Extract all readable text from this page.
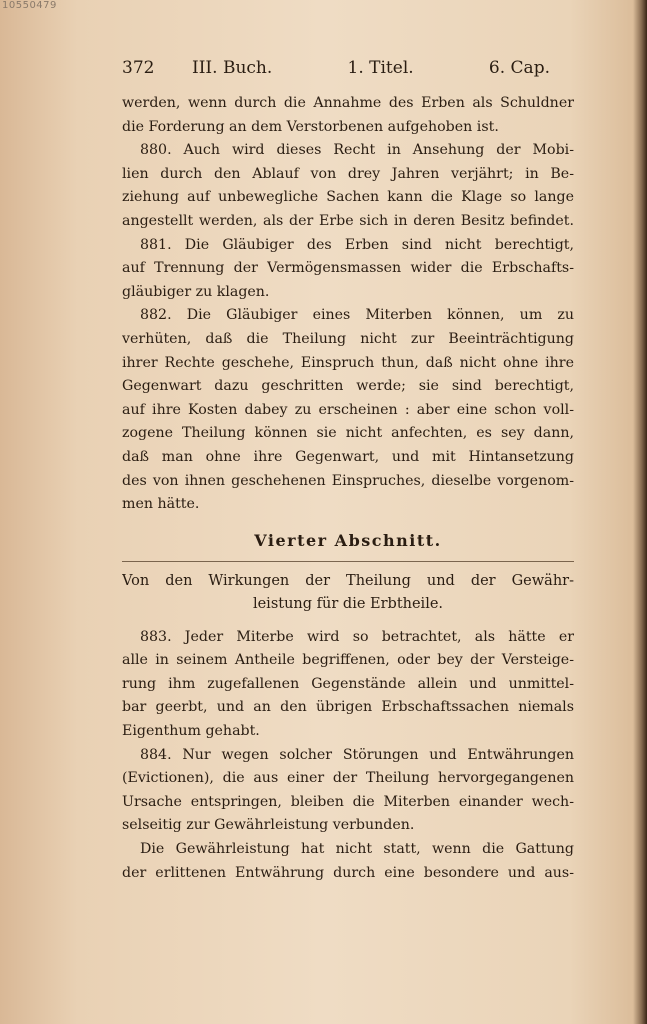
10550479
372	III. Buch.	1. Titel.	6. Cap.
werden, wenn durch die Annahme des Erben als Schuldner
die Forderung an dem Verstorbenen aufgehoben ist.
880. Auch wird dieses Recht in Ansehung der Mobi-
lien durch den Ablauf von drey Jahren verjährt; in Be-
ziehung auf unbewegliche Sachen kann die Klage so lange
angestellt werden, als der Erbe sich in deren Besitz befindet.
881. Die Gläubiger des Erben sind nicht berechtigt,
auf Trennung der Vermögensmassen wider die Erbschafts-
gläubiger zu klagen.
882. Die Gläubiger eines Miterben können, um zu
verhüten, daß die Theilung nicht zur Beeinträchtigung
ihrer Rechte geschehe, Einspruch thun, daß nicht ohne ihre
Gegenwart dazu geschritten werde; sie sind berechtigt,
auf ihre Kosten dabey zu erscheinen : aber eine schon voll-
zogene Theilung können sie nicht anfechten, es sey dann,
daß man ohne ihre Gegenwart, und mit Hintansetzung
des von ihnen geschehenen Einspruches, dieselbe vorgenom-
men hätte.
Vierter Abschnitt.
Von den Wirkungen der Theilung und der Gewähr-
leistung für die Erbtheile.
883. Jeder Miterbe wird so betrachtet, als hätte er
alle in seinem Antheile begriffenen, oder bey der Versteige-
rung ihm zugefallenen Gegenstände allein und unmittel-
bar geerbt, und an den übrigen Erbschaftssachen niemals
Eigenthum gehabt.
884. Nur wegen solcher Störungen und Entwährungen
(Evictionen), die aus einer der Theilung hervorgegangenen
Ursache entspringen, bleiben die Miterben einander wech-
selseitig zur Gewährleistung verbunden.
Die Gewährleistung hat nicht statt, wenn die Gattung
der erlittenen Entwährung durch eine besondere und aus-
